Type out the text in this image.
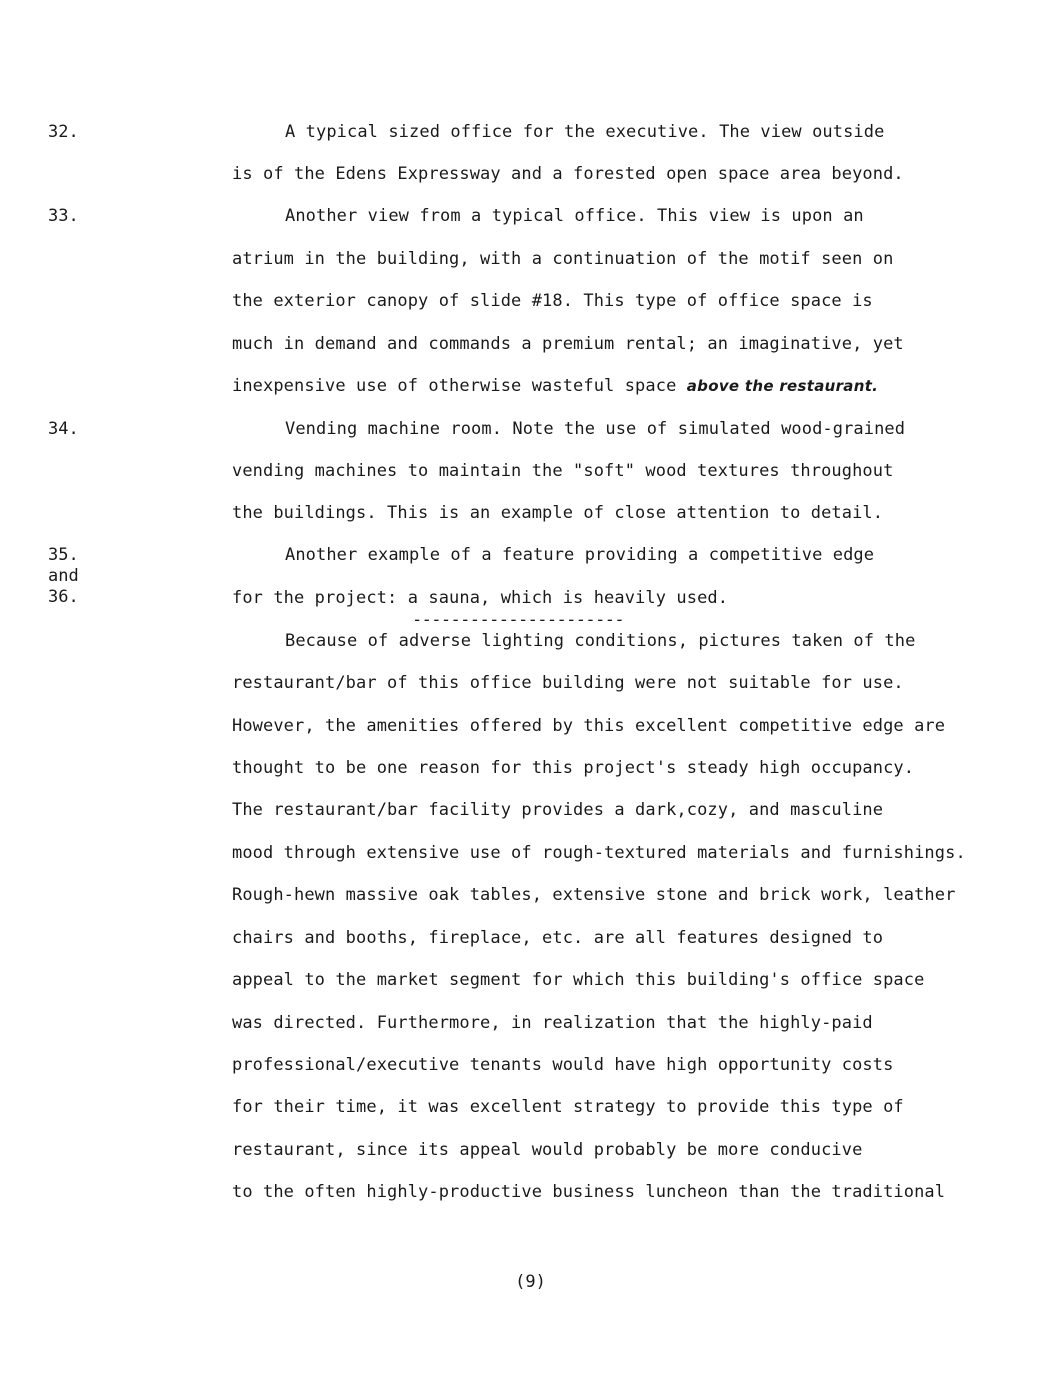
32.	A typical sized office for the executive. The view outside
is of the Edens Expressway and a forested open space area beyond.
33.	Another view from a typical office. This view is upon an
atrium in the building, with a continuation of the motif seen on
the exterior canopy of slide #18. This type of office space is
much in demand and commands a premium rental; an imaginative, yet
inexpensive use of otherwise wasteful space above the restaurant.
34.	Vending machine room. Note the use of simulated wood-grained
vending machines to maintain the "soft" wood textures throughout
the buildings. This is an example of close attention to detail.
35.
and
36.
Another example of a feature providing a competitive edge
for the project: a sauna, which is heavily used.
----------------------
Because of adverse lighting conditions, pictures taken of the
restaurant/bar of this office building were not suitable for use.
However, the amenities offered by this excellent competitive edge are
thought to be one reason for this project's steady high occupancy.
The restaurant/bar facility provides a dark,cozy, and masculine
mood through extensive use of rough-textured materials and furnishings.
Rough-hewn massive oak tables, extensive stone and brick work, leather
chairs and booths, fireplace, etc. are all features designed to
appeal to the market segment for which this building's office space
was directed. Furthermore, in realization that the highly-paid
professional/executive tenants would have high opportunity costs
for their time, it was excellent strategy to provide this type of
restaurant, since its appeal would probably be more conducive
to the often highly-productive business luncheon than the traditional
(9)
